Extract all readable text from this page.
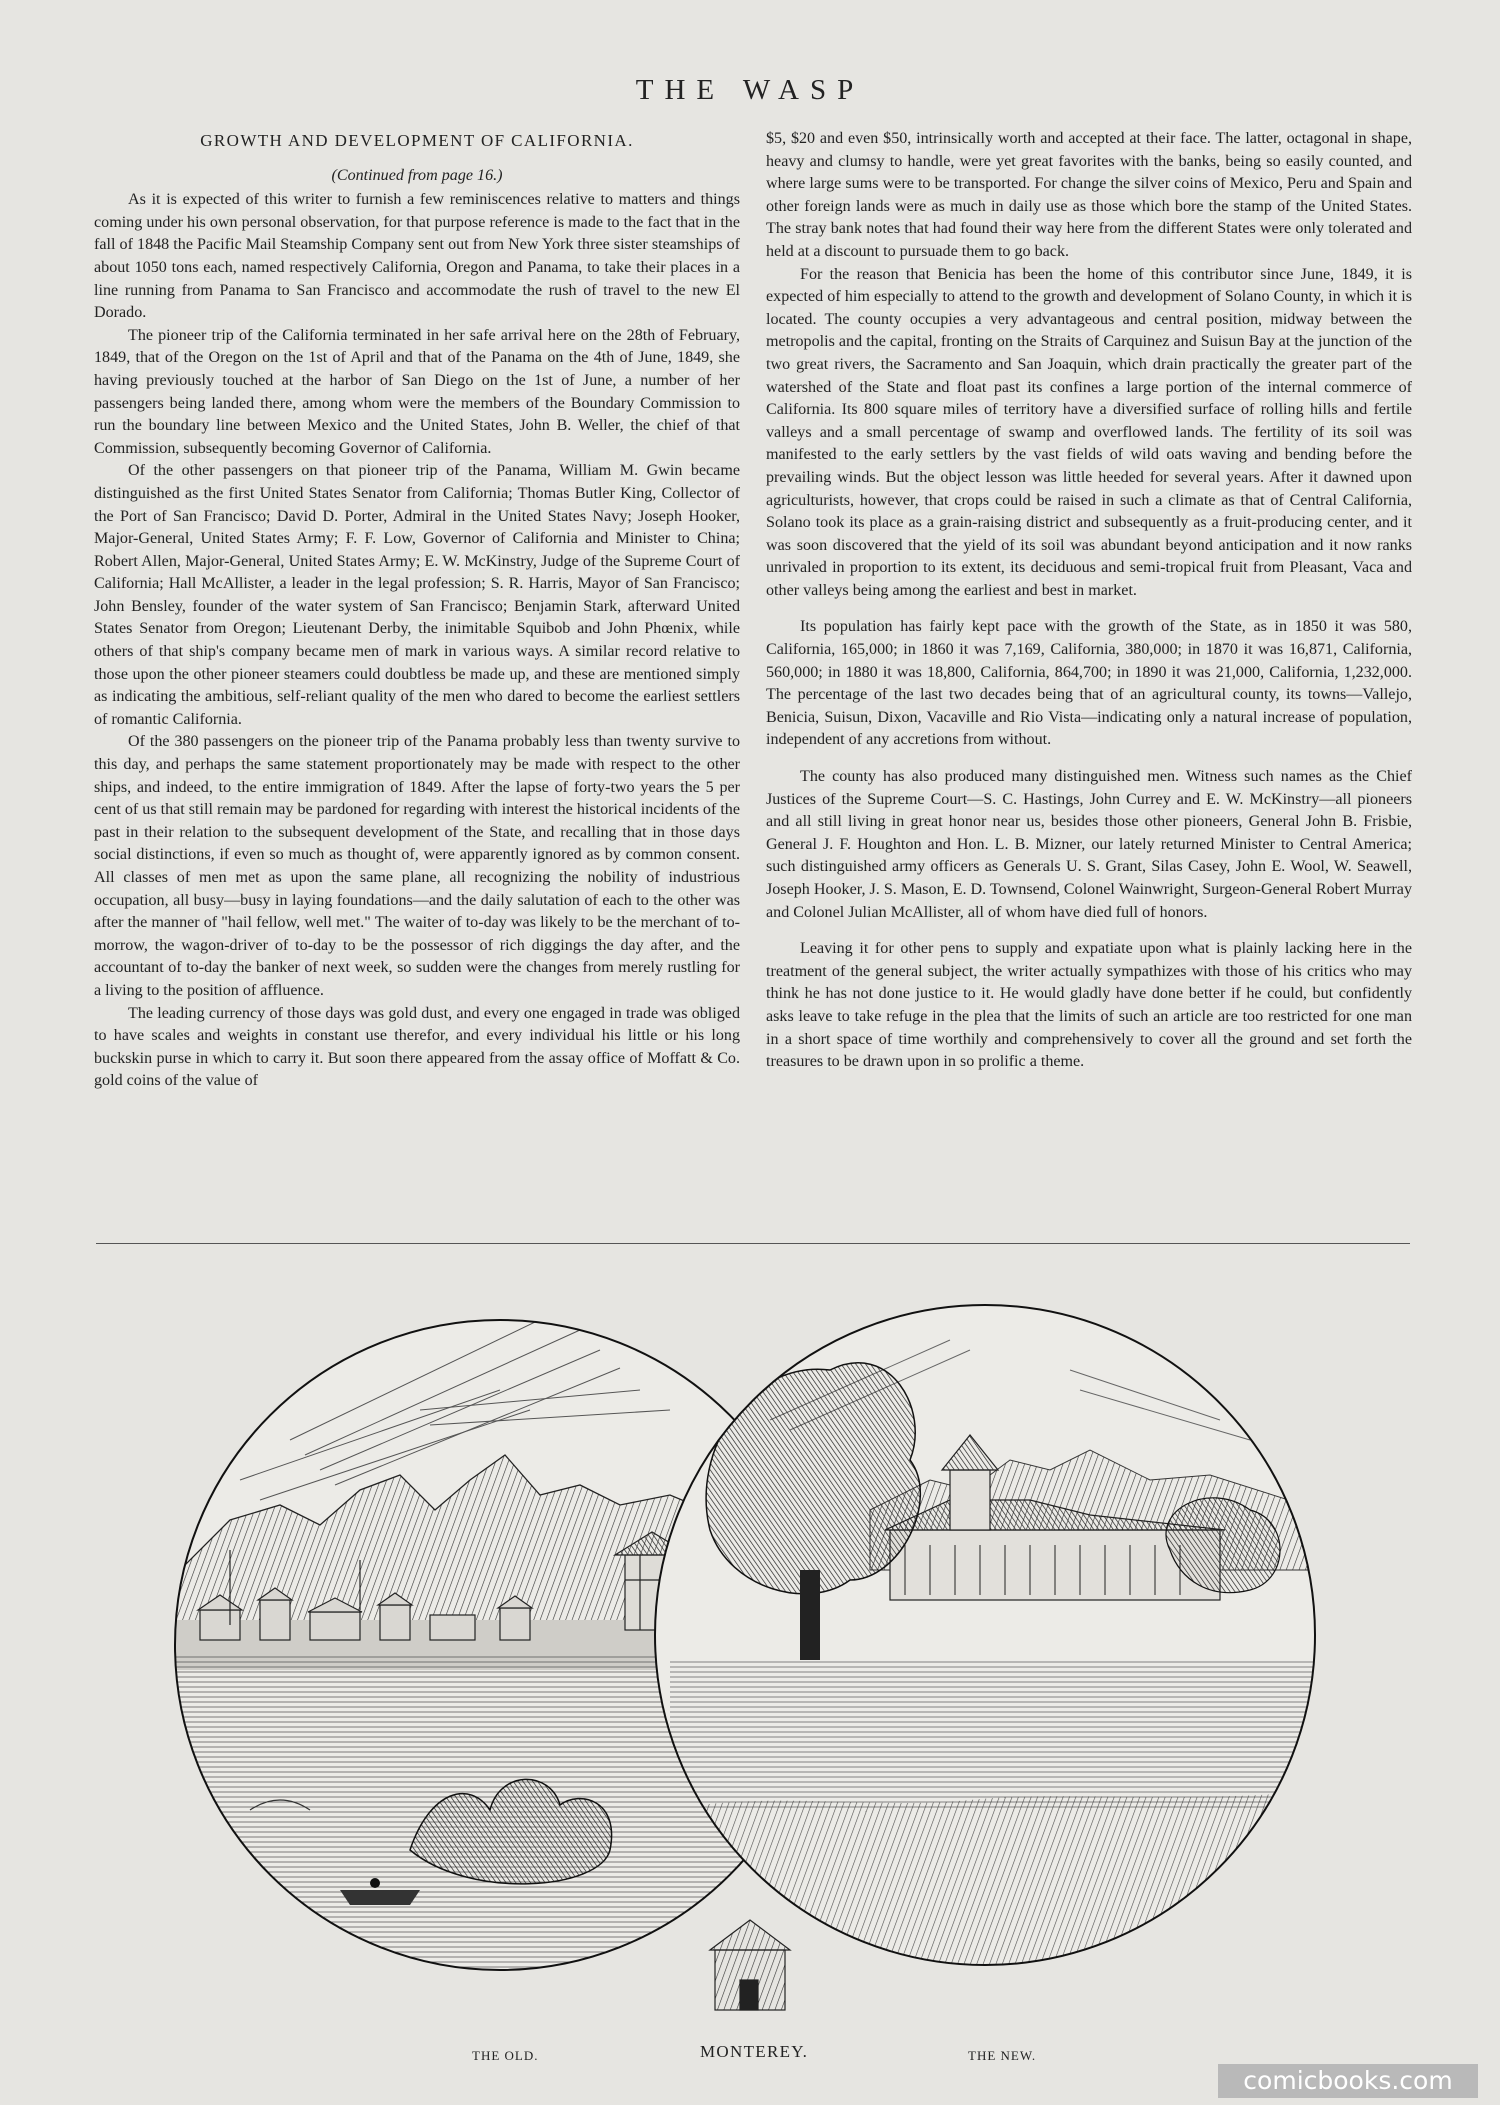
THE WASP
GROWTH AND DEVELOPMENT OF CALIFORNIA.
(Continued from page 16.)

As it is expected of this writer to furnish a few reminiscences relative to matters and things coming under his own personal observation, for that purpose reference is made to the fact that in the fall of 1848 the Pacific Mail Steamship Company sent out from New York three sister steamships of about 1050 tons each, named respectively California, Oregon and Panama, to take their places in a line running from Panama to San Francisco and accommodate the rush of travel to the new El Dorado.

The pioneer trip of the California terminated in her safe arrival here on the 28th of February, 1849, that of the Oregon on the 1st of April and that of the Panama on the 4th of June, 1849, she having previously touched at the harbor of San Diego on the 1st of June, a number of her passengers being landed there, among whom were the members of the Boundary Commission to run the boundary line between Mexico and the United States, John B. Weller, the chief of that Commission, subsequently becoming Governor of California.

Of the other passengers on that pioneer trip of the Panama, William M. Gwin became distinguished as the first United States Senator from California; Thomas Butler King, Collector of the Port of San Francisco; David D. Porter, Admiral in the United States Navy; Joseph Hooker, Major-General, United States Army; F. F. Low, Governor of California and Minister to China; Robert Allen, Major-General, United States Army; E. W. McKinstry, Judge of the Supreme Court of California; Hall McAllister, a leader in the legal profession; S. R. Harris, Mayor of San Francisco; John Bensley, founder of the water system of San Francisco; Benjamin Stark, afterward United States Senator from Oregon; Lieutenant Derby, the inimitable Squibob and John Phœnix, while others of that ship's company became men of mark in various ways. A similar record relative to those upon the other pioneer steamers could doubtless be made up, and these are mentioned simply as indicating the ambitious, self-reliant quality of the men who dared to become the earliest settlers of romantic California.

Of the 380 passengers on the pioneer trip of the Panama probably less than twenty survive to this day, and perhaps the same statement proportionately may be made with respect to the other ships, and indeed, to the entire immigration of 1849. After the lapse of forty-two years the 5 per cent of us that still remain may be pardoned for regarding with interest the historical incidents of the past in their relation to the subsequent development of the State, and recalling that in those days social distinctions, if even so much as thought of, were apparently ignored as by common consent. All classes of men met as upon the same plane, all recognizing the nobility of industrious occupation, all busy—busy in laying foundations—and the daily salutation of each to the other was after the manner of "hail fellow, well met." The waiter of to-day was likely to be the merchant of to-morrow, the wagon-driver of to-day to be the possessor of rich diggings the day after, and the accountant of to-day the banker of next week, so sudden were the changes from merely rustling for a living to the position of affluence.

The leading currency of those days was gold dust, and every one engaged in trade was obliged to have scales and weights in constant use therefor, and every individual his little or his long buckskin purse in which to carry it. But soon there appeared from the assay office of Moffatt & Co. gold coins of the value of

$5, $20 and even $50, intrinsically worth and accepted at their face. The latter, octagonal in shape, heavy and clumsy to handle, were yet great favorites with the banks, being so easily counted, and where large sums were to be transported. For change the silver coins of Mexico, Peru and Spain and other foreign lands were as much in daily use as those which bore the stamp of the United States. The stray bank notes that had found their way here from the different States were only tolerated and held at a discount to pursuade them to go back.

For the reason that Benicia has been the home of this contributor since June, 1849, it is expected of him especially to attend to the growth and development of Solano County, in which it is located. The county occupies a very advantageous and central position, midway between the metropolis and the capital, fronting on the Straits of Carquinez and Suisun Bay at the junction of the two great rivers, the Sacramento and San Joaquin, which drain practically the greater part of the watershed of the State and float past its confines a large portion of the internal commerce of California. Its 800 square miles of territory have a diversified surface of rolling hills and fertile valleys and a small percentage of swamp and overflowed lands. The fertility of its soil was manifested to the early settlers by the vast fields of wild oats waving and bending before the prevailing winds. But the object lesson was little heeded for several years. After it dawned upon agriculturists, however, that crops could be raised in such a climate as that of Central California, Solano took its place as a grain-raising district and subsequently as a fruit-producing center, and it was soon discovered that the yield of its soil was abundant beyond anticipation and it now ranks unrivaled in proportion to its extent, its deciduous and semi-tropical fruit from Pleasant, Vaca and other valleys being among the earliest and best in market.

Its population has fairly kept pace with the growth of the State, as in 1850 it was 580, California, 165,000; in 1860 it was 7,169, California, 380,000; in 1870 it was 16,871, California, 560,000; in 1880 it was 18,800, California, 864,700; in 1890 it was 21,000, California, 1,232,000. The percentage of the last two decades being that of an agricultural county, its towns—Vallejo, Benicia, Suisun, Dixon, Vacaville and Rio Vista—indicating only a natural increase of population, independent of any accretions from without.

The county has also produced many distinguished men. Witness such names as the Chief Justices of the Supreme Court—S. C. Hastings, John Currey and E. W. McKinstry—all pioneers and all still living in great honor near us, besides those other pioneers, General John B. Frisbie, General J. F. Houghton and Hon. L. B. Mizner, our lately returned Minister to Central America; such distinguished army officers as Generals U. S. Grant, Silas Casey, John E. Wool, W. Seawell, Joseph Hooker, J. S. Mason, E. D. Townsend, Colonel Wainwright, Surgeon-General Robert Murray and Colonel Julian McAllister, all of whom have died full of honors.

Leaving it for other pens to supply and expatiate upon what is plainly lacking here in the treatment of the general subject, the writer actually sympathizes with those of his critics who may think he has not done justice to it. He would gladly have done better if he could, but confidently asks leave to take refuge in the plea that the limits of such an article are too restricted for one man in a short space of time worthily and comprehensively to cover all the ground and set forth the treasures to be drawn upon in so prolific a theme.

THE OLD.	MONTEREY.	THE NEW.
comicbooks.com
